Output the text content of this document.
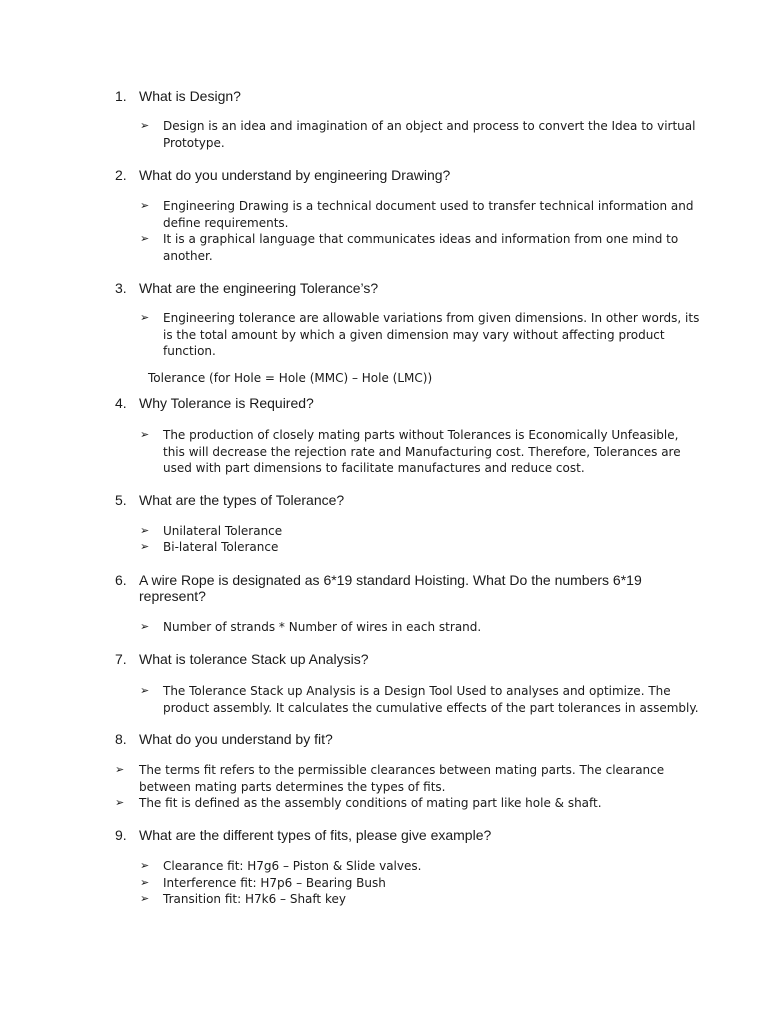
1. What is Design?
➢ Design is an idea and imagination of an object and process to convert the Idea to virtual
Prototype.
2. What do you understand by engineering Drawing?
➢ Engineering Drawing is a technical document used to transfer technical information and
define requirements.
➢ It is a graphical language that communicates ideas and information from one mind to
another.
3. What are the engineering Tolerance’s?
➢ Engineering tolerance are allowable variations from given dimensions. In other words, its
is the total amount by which a given dimension may vary without affecting product
function.
Tolerance (for Hole = Hole (MMC) – Hole (LMC))
4. Why Tolerance is Required?
➢ The production of closely mating parts without Tolerances is Economically Unfeasible,
this will decrease the rejection rate and Manufacturing cost. Therefore, Tolerances are
used with part dimensions to facilitate manufactures and reduce cost.
5. What are the types of Tolerance?
➢ Unilateral Tolerance
➢ Bi-lateral Tolerance
6. A wire Rope is designated as 6*19 standard Hoisting. What Do the numbers 6*19
represent?
➢ Number of strands * Number of wires in each strand.
7. What is tolerance Stack up Analysis?
➢ The Tolerance Stack up Analysis is a Design Tool Used to analyses and optimize. The
product assembly. It calculates the cumulative effects of the part tolerances in assembly.
8. What do you understand by fit?
➢ The terms fit refers to the permissible clearances between mating parts. The clearance
between mating parts determines the types of fits.
➢ The fit is defined as the assembly conditions of mating part like hole & shaft.
9. What are the different types of fits, please give example?
➢ Clearance fit: H7g6 – Piston & Slide valves.
➢ Interference fit: H7p6 – Bearing Bush
➢ Transition fit: H7k6 – Shaft key
